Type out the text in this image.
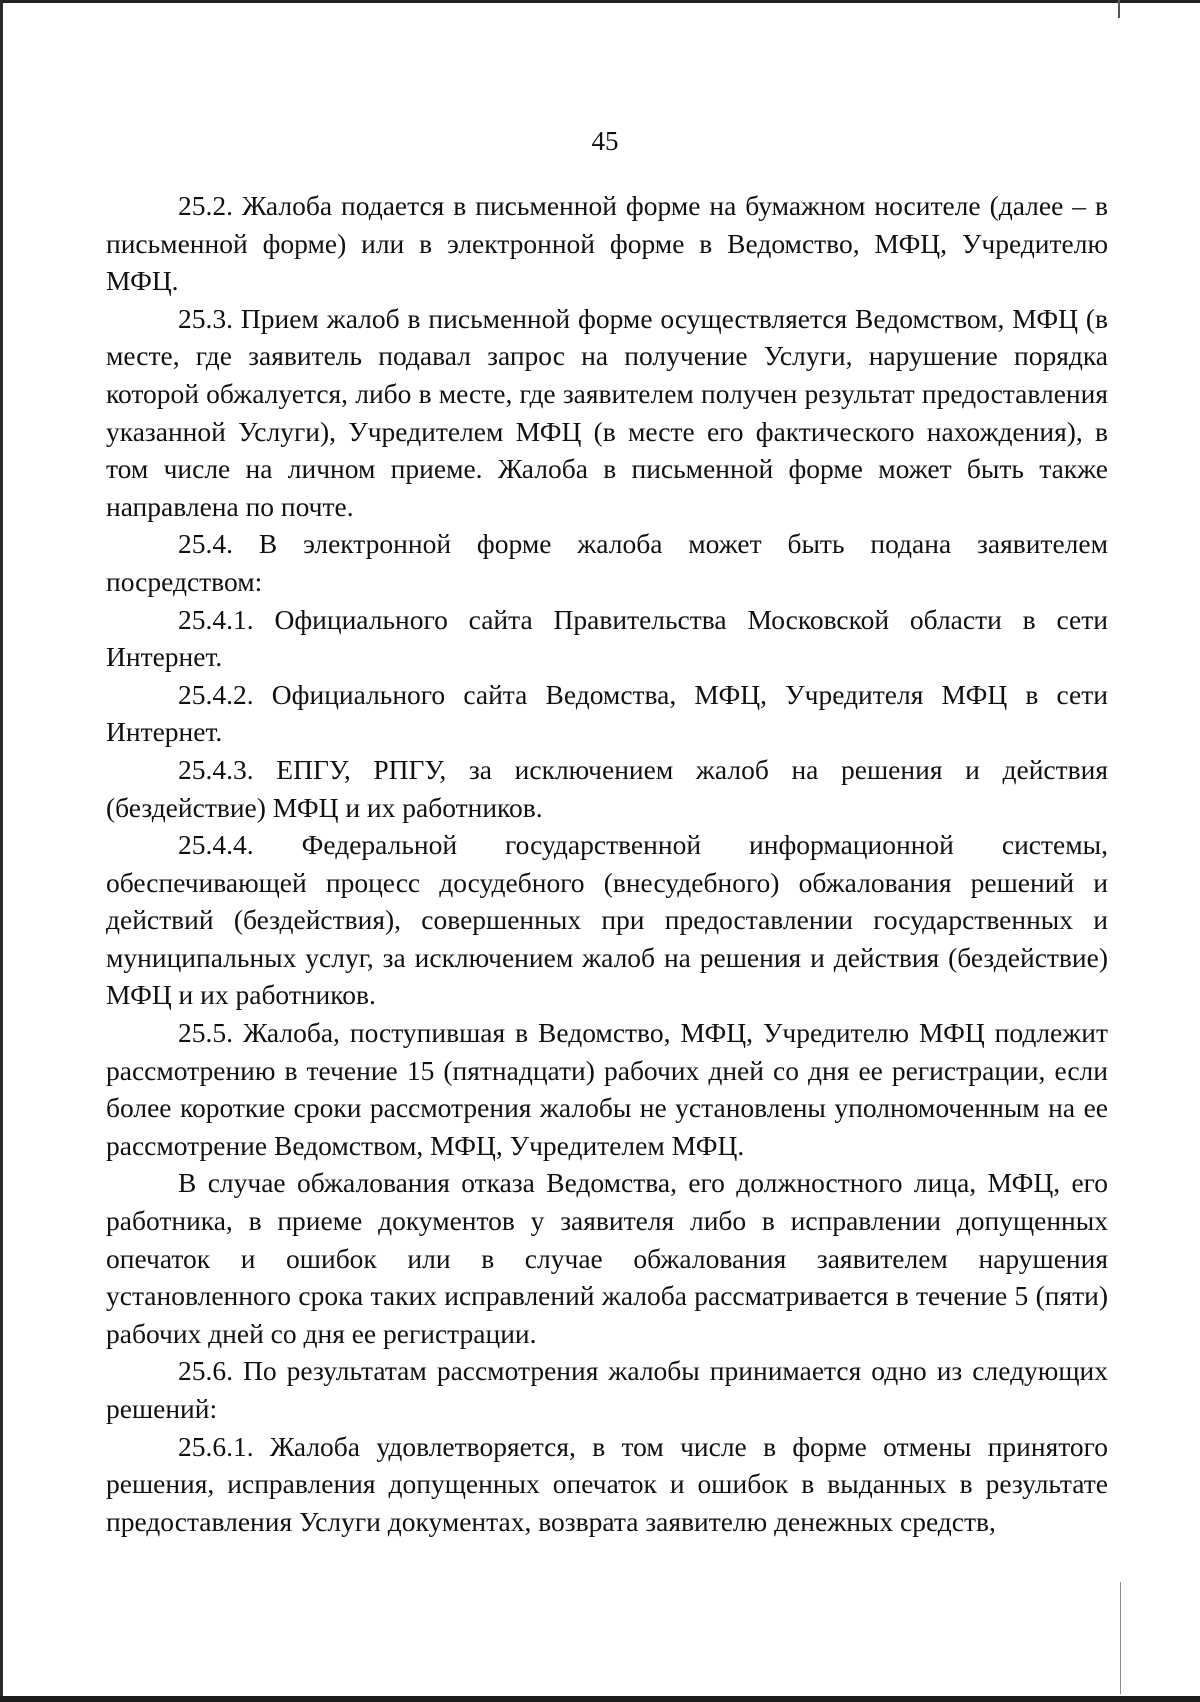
45

25.2. Жалоба подается в письменной форме на бумажном носителе (далее – в письменной форме) или в электронной форме в Ведомство, МФЦ, Учредителю МФЦ.

25.3. Прием жалоб в письменной форме осуществляется Ведомством, МФЦ (в месте, где заявитель подавал запрос на получение Услуги, нарушение порядка которой обжалуется, либо в месте, где заявителем получен результат предоставления указанной Услуги), Учредителем МФЦ (в месте его фактического нахождения), в том числе на личном приеме. Жалоба в письменной форме может быть также направлена по почте.

25.4. В электронной форме жалоба может быть подана заявителем посредством:

25.4.1. Официального сайта Правительства Московской области в сети Интернет.

25.4.2. Официального сайта Ведомства, МФЦ, Учредителя МФЦ в сети Интернет.

25.4.3. ЕПГУ, РПГУ, за исключением жалоб на решения и действия (бездействие) МФЦ и их работников.

25.4.4. Федеральной государственной информационной системы, обеспечивающей процесс досудебного (внесудебного) обжалования решений и действий (бездействия), совершенных при предоставлении государственных и муниципальных услуг, за исключением жалоб на решения и действия (бездействие) МФЦ и их работников.

25.5. Жалоба, поступившая в Ведомство, МФЦ, Учредителю МФЦ подлежит рассмотрению в течение 15 (пятнадцати) рабочих дней со дня ее регистрации, если более короткие сроки рассмотрения жалобы не установлены уполномоченным на ее рассмотрение Ведомством, МФЦ, Учредителем МФЦ.

В случае обжалования отказа Ведомства, его должностного лица, МФЦ, его работника, в приеме документов у заявителя либо в исправлении допущенных опечаток и ошибок или в случае обжалования заявителем нарушения установленного срока таких исправлений жалоба рассматривается в течение 5 (пяти) рабочих дней со дня ее регистрации.

25.6. По результатам рассмотрения жалобы принимается одно из следующих решений:

25.6.1. Жалоба удовлетворяется, в том числе в форме отмены принятого решения, исправления допущенных опечаток и ошибок в выданных в результате предоставления Услуги документах, возврата заявителю денежных средств,
